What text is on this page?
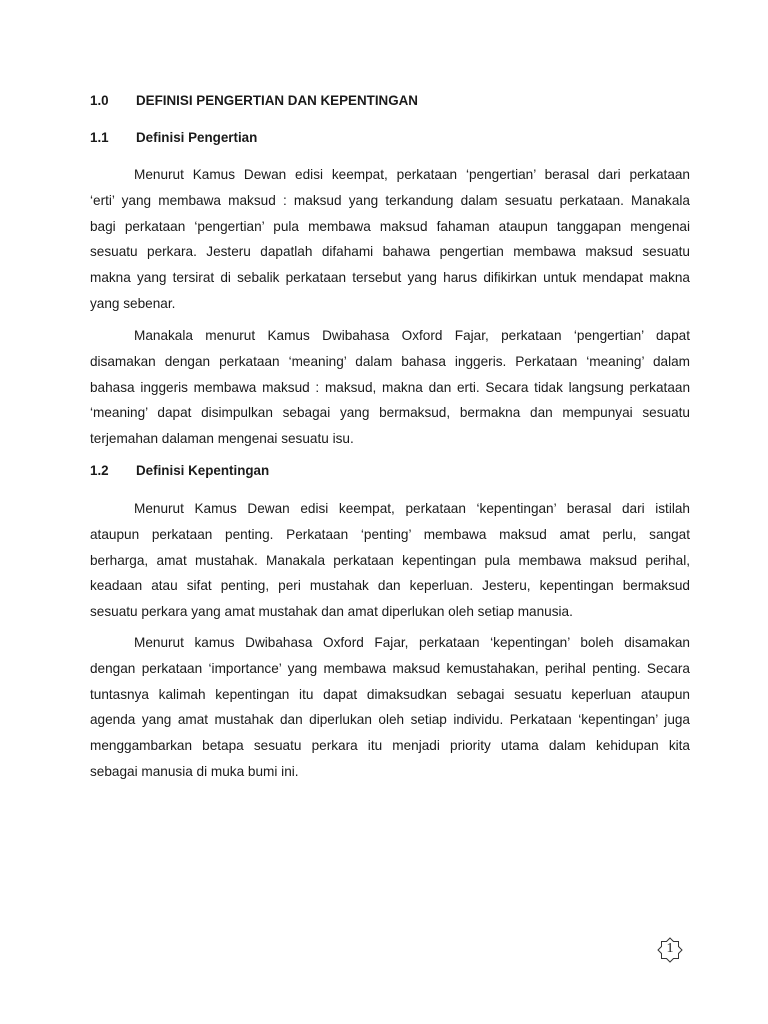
1.0 DEFINISI PENGERTIAN DAN KEPENTINGAN
1.1 Definisi Pengertian
Menurut Kamus Dewan edisi keempat, perkataan ‘pengertian’ berasal dari perkataan
‘erti’ yang membawa maksud : maksud yang terkandung dalam sesuatu perkataan. Manakala
bagi perkataan ‘pengertian’ pula membawa maksud fahaman ataupun tanggapan mengenai
sesuatu perkara. Jesteru dapatlah difahami bahawa pengertian membawa maksud sesuatu
makna yang tersirat di sebalik perkataan tersebut yang harus difikirkan untuk mendapat makna
yang sebenar.
Manakala menurut Kamus Dwibahasa Oxford Fajar, perkataan ‘pengertian’ dapat
disamakan dengan perkataan ‘meaning’ dalam bahasa inggeris. Perkataan ‘meaning’ dalam
bahasa inggeris membawa maksud : maksud, makna dan erti. Secara tidak langsung perkataan
‘meaning’ dapat disimpulkan sebagai yang bermaksud, bermakna dan mempunyai sesuatu
terjemahan dalaman mengenai sesuatu isu.
1.2 Definisi Kepentingan
Menurut Kamus Dewan edisi keempat, perkataan ‘kepentingan’ berasal dari istilah
ataupun perkataan penting. Perkataan ‘penting’ membawa maksud amat perlu, sangat
berharga, amat mustahak. Manakala perkataan kepentingan pula membawa maksud perihal,
keadaan atau sifat penting, peri mustahak dan keperluan. Jesteru, kepentingan bermaksud
sesuatu perkara yang amat mustahak dan amat diperlukan oleh setiap manusia.
Menurut kamus Dwibahasa Oxford Fajar, perkataan ‘kepentingan’ boleh disamakan
dengan perkataan ‘importance’ yang membawa maksud kemustahakan, perihal penting. Secara
tuntasnya kalimah kepentingan itu dapat dimaksudkan sebagai sesuatu keperluan ataupun
agenda yang amat mustahak dan diperlukan oleh setiap individu. Perkataan ‘kepentingan’ juga
menggambarkan betapa sesuatu perkara itu menjadi priority utama dalam kehidupan kita
sebagai manusia di muka bumi ini.
1
